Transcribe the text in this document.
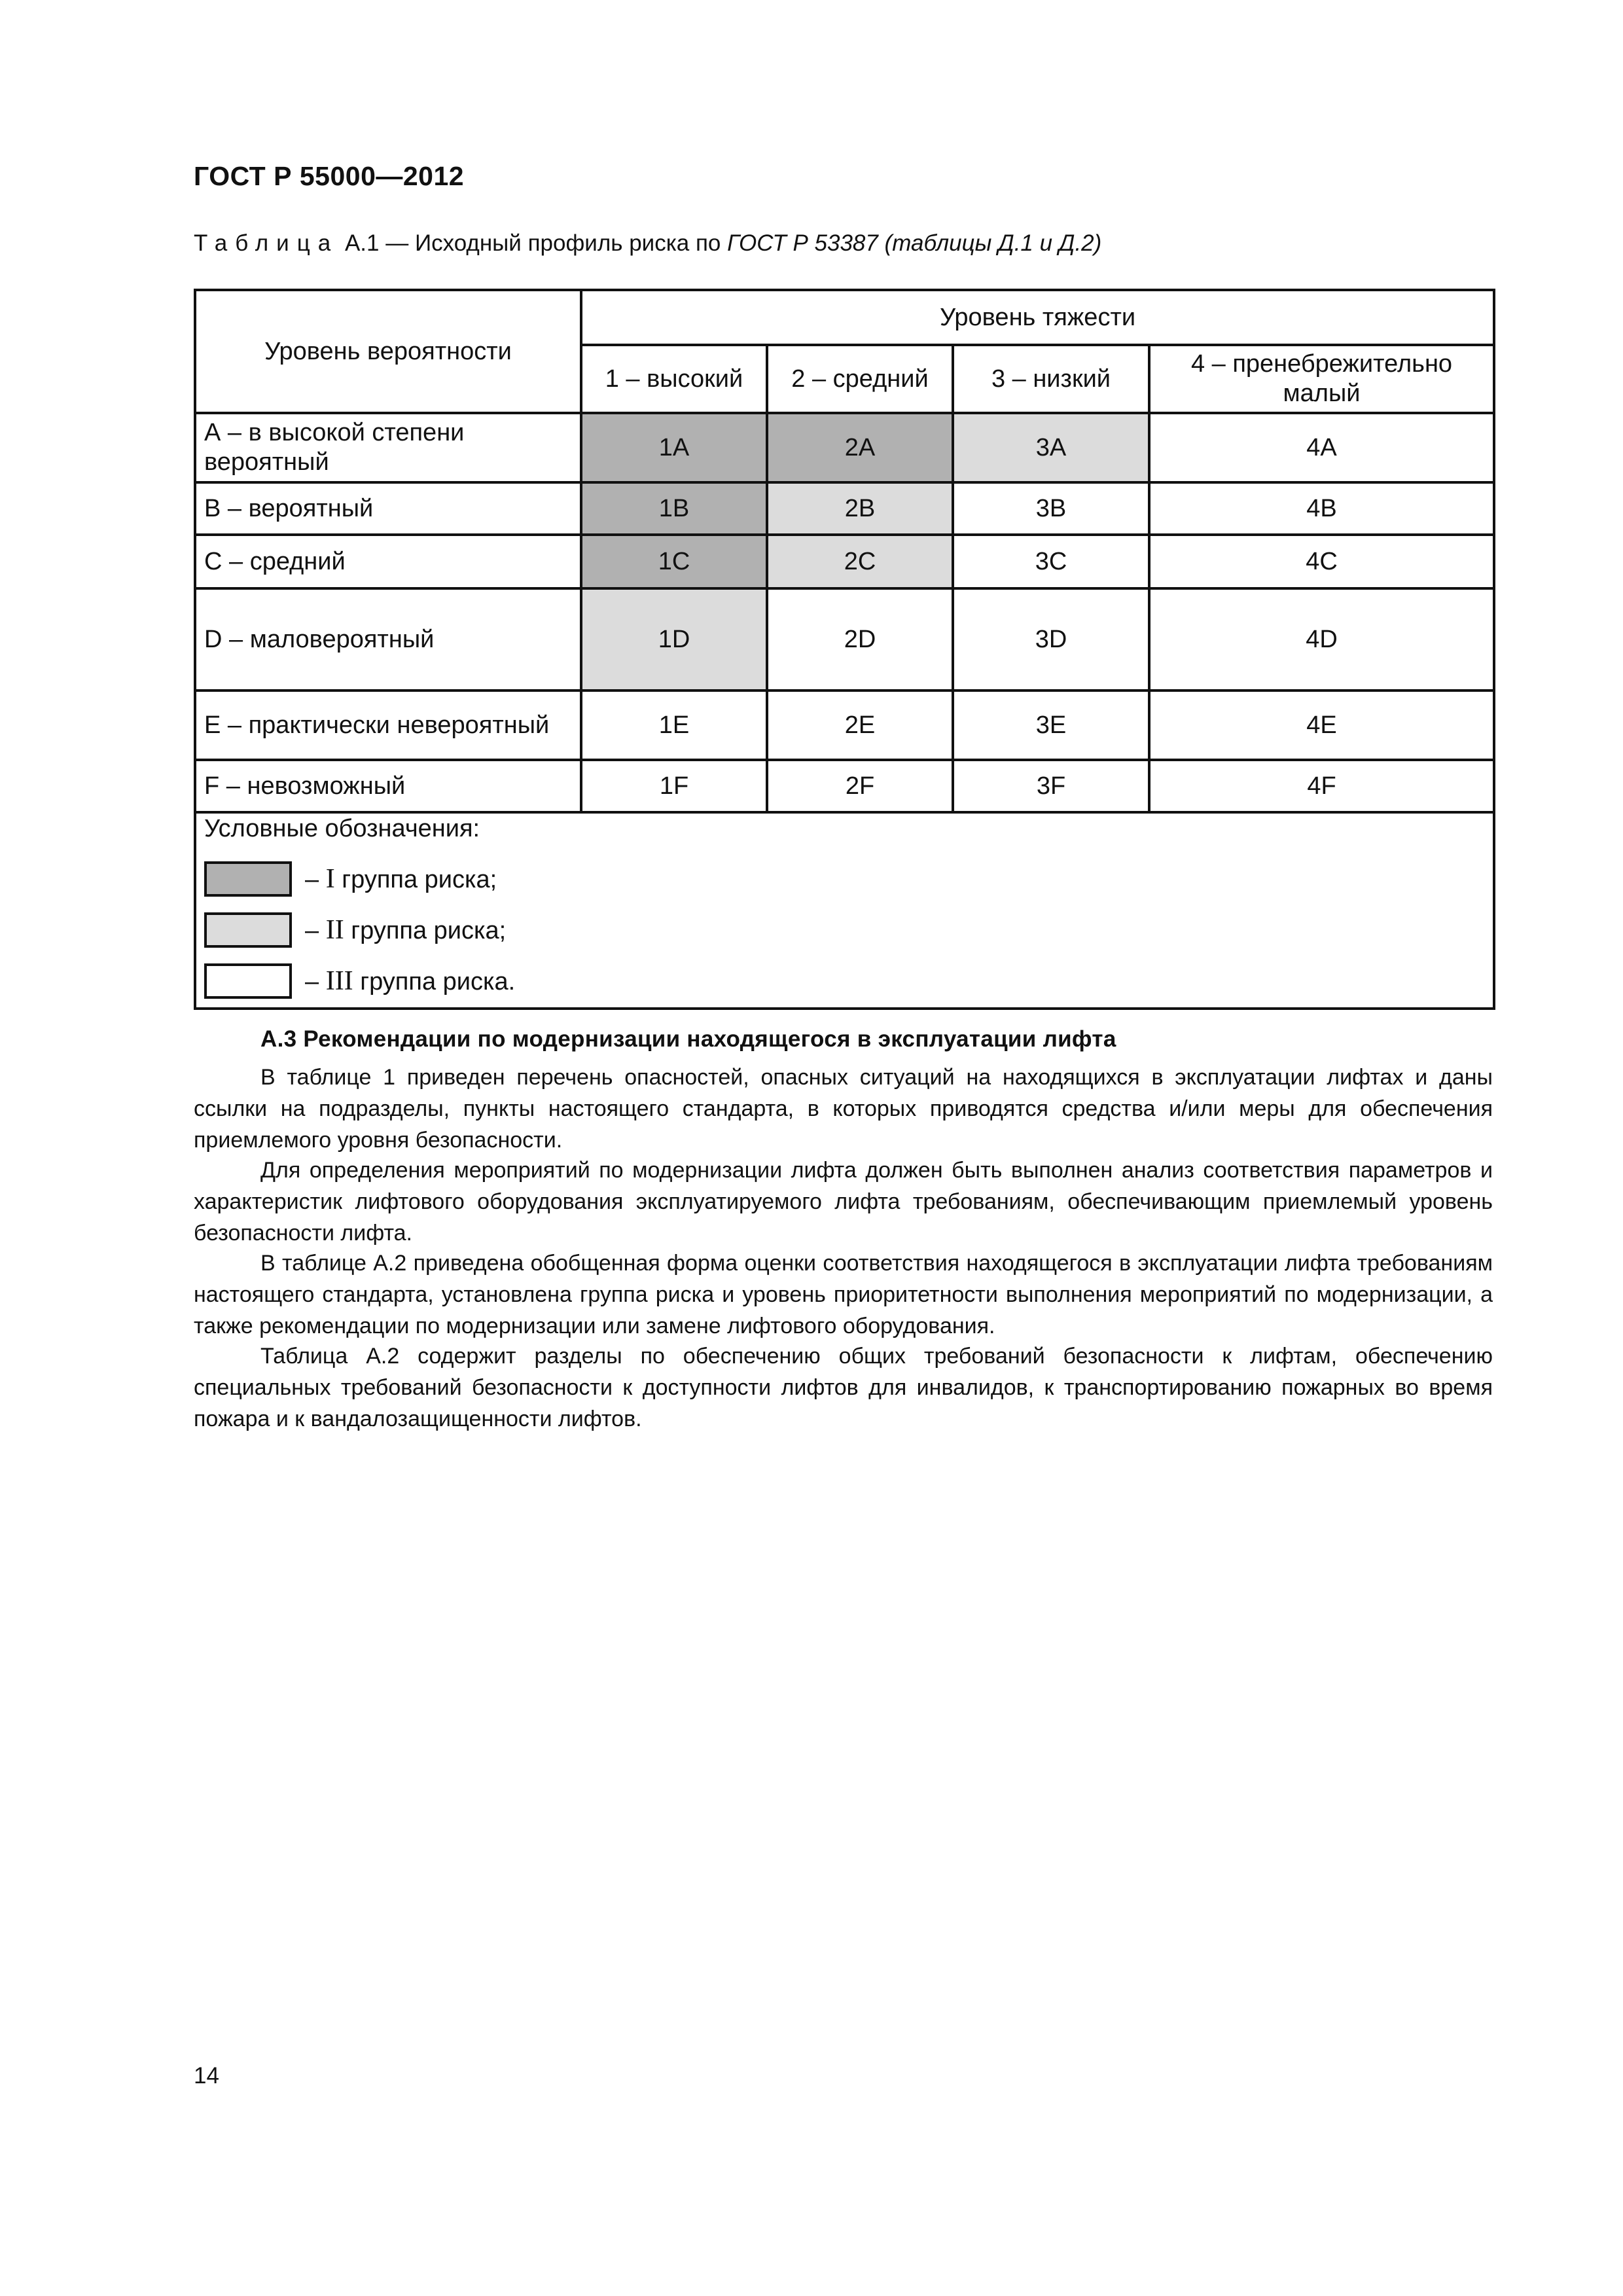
ГОСТ Р 55000—2012

Таблица А.1 — Исходный профиль риска по ГОСТ Р 53387 (таблицы Д.1 и Д.2)

Уровень вероятности	Уровень тяжести			
	1 – высокий	2 – средний	3 – низкий	4 – пренебрежительно малый
А – в высокой степени вероятный	1А	2А	3А	4А
В – вероятный	1В	2В	3В	4В
С – средний	1С	2С	3С	4С
D – маловероятный	1D	2D	3D	4D
E – практически невероятный	1E	2E	3E	4E
F – невозможный	1F	2F	3F	4F

Условные обозначения:
– I группа риска;
– II группа риска;
– III группа риска.				

А.3 Рекомендации по модернизации находящегося в эксплуатации лифта

В таблице 1 приведен перечень опасностей, опасных ситуаций на находящихся в эксплуатации лифтах и даны ссылки на подразделы, пункты настоящего стандарта, в которых приводятся средства и/или меры для обеспечения приемлемого уровня безопасности.

Для определения мероприятий по модернизации лифта должен быть выполнен анализ соответствия параметров и характеристик лифтового оборудования эксплуатируемого лифта требованиям, обеспечивающим приемлемый уровень безопасности лифта.

В таблице А.2 приведена обобщенная форма оценки соответствия находящегося в эксплуатации лифта требованиям настоящего стандарта, установлена группа риска и уровень приоритетности выполнения мероприятий по модернизации, а также рекомендации по модернизации или замене лифтового оборудования.

Таблица А.2 содержит разделы по обеспечению общих требований безопасности к лифтам, обеспечению специальных требований безопасности к доступности лифтов для инвалидов, к транспортированию пожарных во время пожара и к вандалозащищенности лифтов.

14
